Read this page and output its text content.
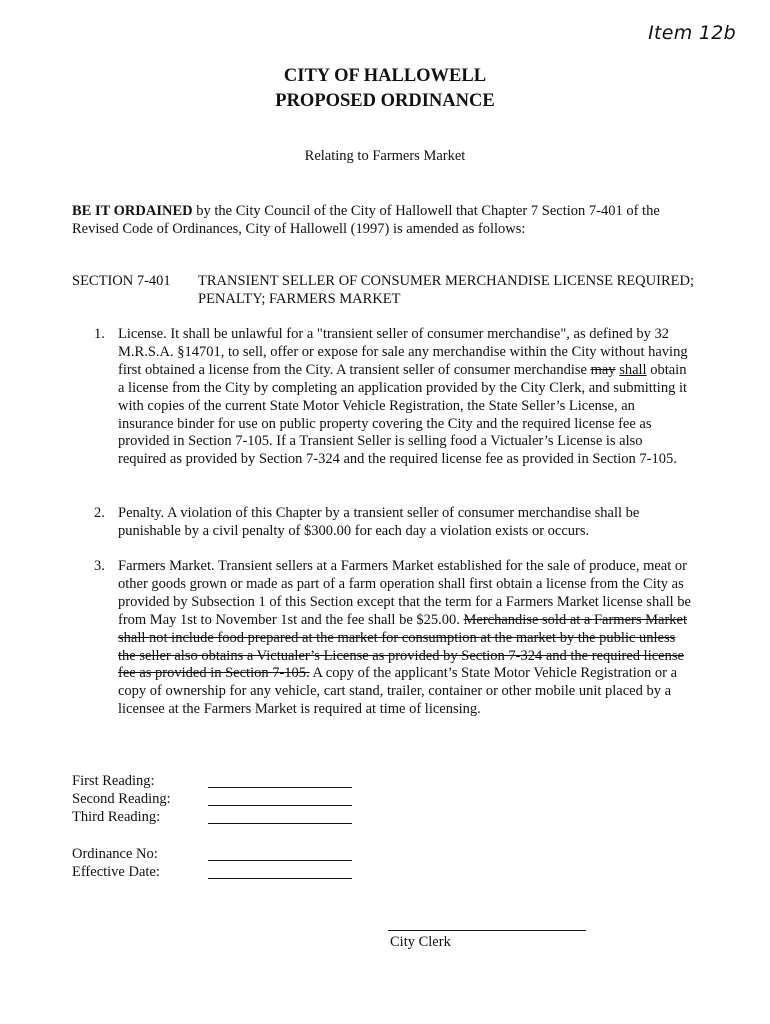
Item 12b
CITY OF HALLOWELL
PROPOSED ORDINANCE
Relating to Farmers Market
BE IT ORDAINED by the City Council of the City of Hallowell that Chapter 7 Section 7-401 of the Revised Code of Ordinances, City of Hallowell (1997) is amended as follows:
SECTION 7-401 TRANSIENT SELLER OF CONSUMER MERCHANDISE LICENSE REQUIRED; PENALTY; FARMERS MARKET
1. License. It shall be unlawful for a "transient seller of consumer merchandise", as defined by 32 M.R.S.A. §14701, to sell, offer or expose for sale any merchandise within the City without having first obtained a license from the City. A transient seller of consumer merchandise may shall obtain a license from the City by completing an application provided by the City Clerk, and submitting it with copies of the current State Motor Vehicle Registration, the State Seller’s License, an insurance binder for use on public property covering the City and the required license fee as provided in Section 7-105. If a Transient Seller is selling food a Victualer’s License is also required as provided by Section 7-324 and the required license fee as provided in Section 7-105.
2. Penalty. A violation of this Chapter by a transient seller of consumer merchandise shall be punishable by a civil penalty of $300.00 for each day a violation exists or occurs.
3. Farmers Market. Transient sellers at a Farmers Market established for the sale of produce, meat or other goods grown or made as part of a farm operation shall first obtain a license from the City as provided by Subsection 1 of this Section except that the term for a Farmers Market license shall be from May 1st to November 1st and the fee shall be $25.00. Merchandise sold at a Farmers Market shall not include food prepared at the market for consumption at the market by the public unless the seller also obtains a Victualer’s License as provided by Section 7-324 and the required license fee as provided in Section 7-105. A copy of the applicant’s State Motor Vehicle Registration or a copy of ownership for any vehicle, cart stand, trailer, container or other mobile unit placed by a licensee at the Farmers Market is required at time of licensing.
First Reading:
Second Reading:
Third Reading:
Ordinance No:
Effective Date:
City Clerk
